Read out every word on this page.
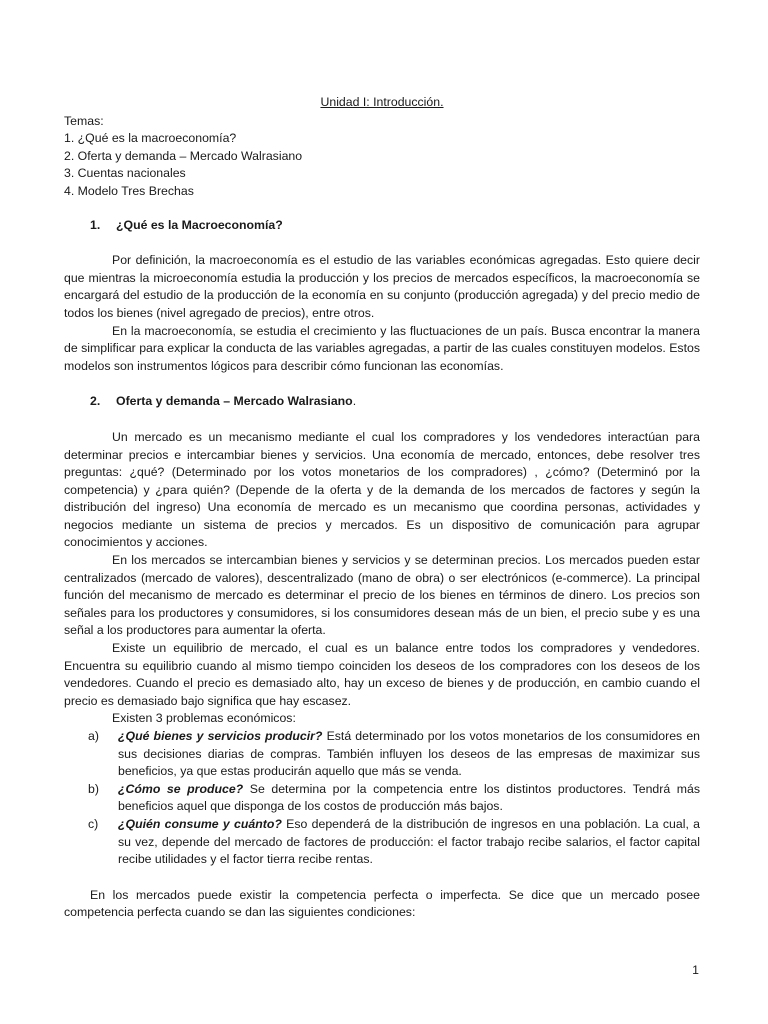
Unidad I: Introducción.

Temas:

1. ¿Qué es la macroeconomía?

2. Oferta y demanda – Mercado Walrasiano

3. Cuentas nacionales

4. Modelo Tres Brechas

1.	¿Qué es la Macroeconomía?

Por definición, la macroeconomía es el estudio de las variables económicas agregadas. Esto quiere decir que mientras la microeconomía estudia la producción y los precios de mercados específicos, la macroeconomía se encargará del estudio de la producción de la economía en su conjunto (producción agregada) y del precio medio de todos los bienes (nivel agregado de precios), entre otros.

En la macroeconomía, se estudia el crecimiento y las fluctuaciones de un país. Busca encontrar la manera de simplificar para explicar la conducta de las variables agregadas, a partir de las cuales constituyen modelos. Estos modelos son instrumentos lógicos para describir cómo funcionan las economías.

2.	Oferta y demanda – Mercado Walrasiano .

Un mercado es un mecanismo mediante el cual los compradores y los vendedores interactúan para determinar precios e intercambiar bienes y servicios. Una economía de mercado, entonces, debe resolver tres preguntas: ¿qué? (Determinado por los votos monetarios de los compradores) , ¿cómo? (Determinó por la competencia) y ¿para quién? (Depende de la oferta y de la demanda de los mercados de factores y según la distribución del ingreso) Una economía de mercado es un mecanismo que coordina personas, actividades y negocios mediante un sistema de precios y mercados. Es un dispositivo de comunicación para agrupar conocimientos y acciones.

En los mercados se intercambian bienes y servicios y se determinan precios. Los mercados pueden estar centralizados (mercado de valores), descentralizado (mano de obra) o ser electrónicos (e-commerce). La principal función del mecanismo de mercado es determinar el precio de los bienes en términos de dinero. Los precios son señales para los productores y consumidores, si los consumidores desean más de un bien, el precio sube y es una señal a los productores para aumentar la oferta.

Existe un equilibrio de mercado, el cual es un balance entre todos los compradores y vendedores. Encuentra su equilibrio cuando al mismo tiempo coinciden los deseos de los compradores con los deseos de los vendedores. Cuando el precio es demasiado alto, hay un exceso de bienes y de producción, en cambio cuando el precio es demasiado bajo significa que hay escasez.

Existen 3 problemas económicos:

a)	¿Qué bienes y servicios producir? Está determinado por los votos monetarios de los consumidores en sus decisiones diarias de compras. También influyen los deseos de las empresas de maximizar sus beneficios, ya que estas producirán aquello que más se venda.
b)	¿Cómo se produce? Se determina por la competencia entre los distintos productores. Tendrá más beneficios aquel que disponga de los costos de producción más bajos.
c)	¿Quién consume y cuánto? Eso dependerá de la distribución de ingresos en una población. La cual, a su vez, depende del mercado de factores de producción: el factor trabajo recibe salarios, el factor capital recibe utilidades y el factor tierra recibe rentas.

En los mercados puede existir la competencia perfecta o imperfecta. Se dice que un mercado posee competencia perfecta cuando se dan las siguientes condiciones:

1
